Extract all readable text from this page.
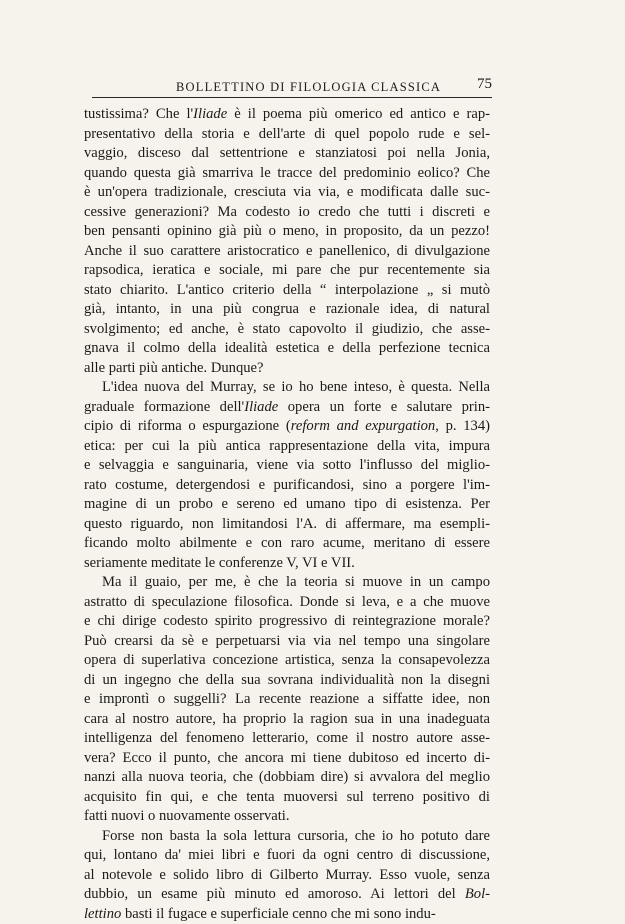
BOLLETTINO DI FILOLOGIA CLASSICA 75

tustissima? Che l'Iliade è il poema più omerico ed antico e rap-
presentativo della storia e dell'arte di quel popolo rude e sel-
vaggio, disceso dal settentrione e stanziatosi poi nella Jonia,
quando questa già smarriva le tracce del predominio eolico? Che
è un'opera tradizionale, cresciuta via via, e modificata dalle suc-
cessive generazioni? Ma codesto io credo che tutti i discreti e
ben pensanti opinino già più o meno, in proposito, da un pezzo!
Anche il suo carattere aristocratico e panellenico, di divulgazione
rapsodica, ieratica e sociale, mi pare che pur recentemente sia
stato chiarito. L'antico criterio della “ interpolazione „ si mutò
già, intanto, in una più congrua e razionale idea, di natural
svolgimento; ed anche, è stato capovolto il giudizio, che asse-
gnava il colmo della idealità estetica e della perfezione tecnica
alle parti più antiche. Dunque?

L'idea nuova del Murray, se io ho bene inteso, è questa. Nella
graduale formazione dell'Iliade opera un forte e salutare prin-
cipio di riforma o espurgazione (reform and expurgation, p. 134)
etica: per cui la più antica rappresentazione della vita, impura
e selvaggia e sanguinaria, viene via sotto l'influsso del miglio-
rato costume, detergendosi e purificandosi, sino a porgere l'im-
magine di un probo e sereno ed umano tipo di esistenza. Per
questo riguardo, non limitandosi l'A. di affermare, ma esempli-
ficando molto abilmente e con raro acume, meritano di essere
seriamente meditate le conferenze V, VI e VII.

Ma il guaio, per me, è che la teoria si muove in un campo
astratto di speculazione filosofica. Donde si leva, e a che muove
e chi dirige codesto spirito progressivo di reintegrazione morale?
Può crearsi da sè e perpetuarsi via via nel tempo una singolare
opera di superlativa concezione artistica, senza la consapevolezza
di un ingegno che della sua sovrana individualità non la disegni
e improntì o suggelli? La recente reazione a siffatte idee, non
cara al nostro autore, ha proprio la ragion sua in una inadeguata
intelligenza del fenomeno letterario, come il nostro autore asse-
vera? Ecco il punto, che ancora mi tiene dubitoso ed incerto di-
nanzi alla nuova teoria, che (dobbiam dire) si avvalora del meglio
acquisito fin qui, e che tenta muoversi sul terreno positivo di
fatti nuovi o nuovamente osservati.

Forse non basta la sola lettura cursoria, che io ho potuto dare
qui, lontano da' miei libri e fuori da ogni centro di discussione,
al notevole e solido libro di Gilberto Murray. Esso vuole, senza
dubbio, un esame più minuto ed amoroso. Ai lettori del Bol-
lettino basti il fugace e superficiale cenno che mi sono indu-
